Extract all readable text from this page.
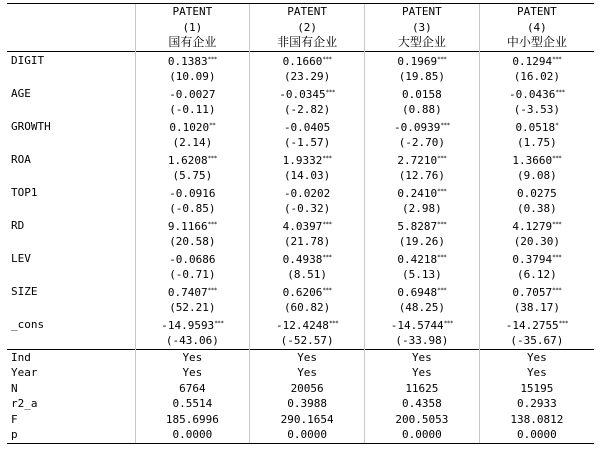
	PATENT	PATENT	PATENT	PATENT
	(1)	(2)	(3)	(4)
	国有企业	非国有企业	大型企业	中小型企业
DIGIT	0.1383***	0.1660***	0.1969***	0.1294***
	(10.09)	(23.29)	(19.85)	(16.02)
AGE	-0.0027	-0.0345***	0.0158	-0.0436***
	(-0.11)	(-2.82)	(0.88)	(-3.53)
GROWTH	0.1020**	-0.0405	-0.0939***	0.0518*
	(2.14)	(-1.57)	(-2.70)	(1.75)
ROA	1.6208***	1.9332***	2.7210***	1.3660***
	(5.75)	(14.03)	(12.76)	(9.08)
TOP1	-0.0916	-0.0202	0.2410***	0.0275
	(-0.85)	(-0.32)	(2.98)	(0.38)
RD	9.1166***	4.0397***	5.8287***	4.1279***
	(20.58)	(21.78)	(19.26)	(20.30)
LEV	-0.0686	0.4938***	0.4218***	0.3794***
	(-0.71)	(8.51)	(5.13)	(6.12)
SIZE	0.7407***	0.6206***	0.6948***	0.7057***
	(52.21)	(60.82)	(48.25)	(38.17)
_cons	-14.9593***	-12.4248***	-14.5744***	-14.2755***
	(-43.06)	(-52.57)	(-33.98)	(-35.67)
Ind	Yes	Yes	Yes	Yes
Year	Yes	Yes	Yes	Yes
N	6764	20056	11625	15195
r2_a	0.5514	0.3988	0.4358	0.2933
F	185.6996	290.1654	200.5053	138.0812
p	0.0000	0.0000	0.0000	0.0000
